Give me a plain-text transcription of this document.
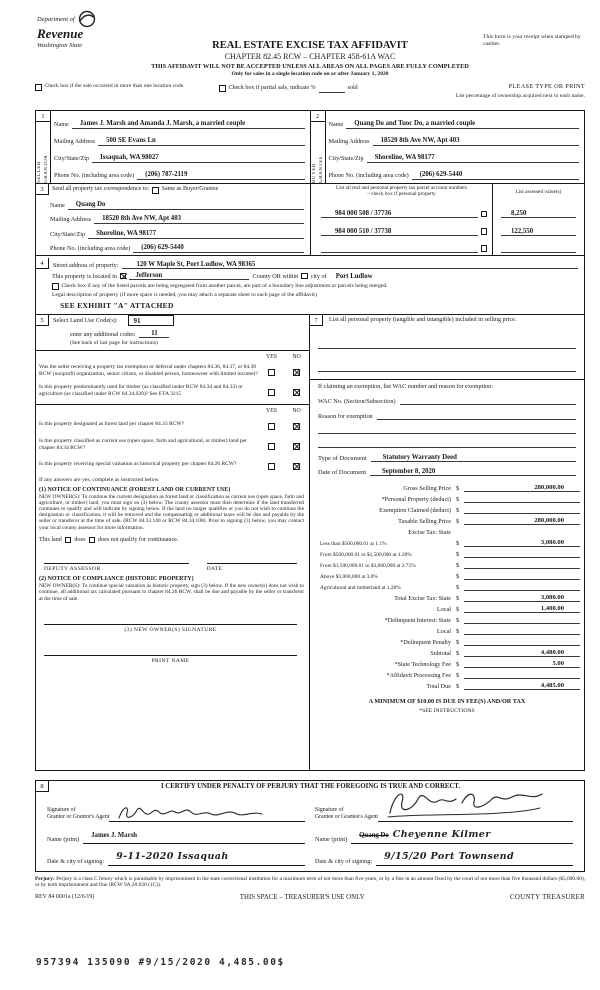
Department of
Revenue
Washington State	REAL ESTATE EXCISE TAX AFFIDAVIT
CHAPTER 82.45 RCW – CHAPTER 458-61A WAC
THIS AFFIDAVIT WILL NOT BE ACCEPTED UNLESS ALL AREAS ON ALL PAGES ARE FULLY COMPLETED
Only for sales in a single location code on or after January 1, 2020
This form is your receipt when stamped by cashier.
Check box if the sale occurred in more than one location code.	Check box if partial sale, indicate %	sold	PLEASE TYPE OR PRINT
List percentage of ownership acquired next to each name.
1
SELLER GRANTOR
Name	James J. Marsh and Amanda J. Marsh, a married couple
Mailing Address	500 SE Evans Ln
City/State/Zip	Issaquah, WA 98027
Phone No. (including area code)	(206) 787-2119
2
BUYER GRANTEE
Name	Quang Do and Tuoc Do, a married couple
Mailing Address	18520 8th Ave NW, Apt 403
City/State/Zip	Shoreline, WA 98177
Phone No. (including area code)	(206) 629-5440
3	Send all property tax correspondence to: Same as Buyer/Grantee
Name	Quang Do
Mailing Address	18520 8th Ave NW, Apt 403
City/State/Zip	Shoreline, WA 98177
Phone No. (including area code)	(206) 629-5440
List all real and personal property tax parcel account numbers
– check box if personal property	List assessed value(s)
984 000 508 / 37736	8,250
984 000 510 / 37738	122,550
4	Street address of property:	120 W Maple St, Port Ludlow, WA 98365
This property is located in	Jefferson	County OR within city of	Port Ludlow
Check box if any of the listed parcels are being segregated from another parcel, are part of a boundary line adjustment or parcels being merged.
Legal description of property (if more space is needed, you may attach a separate sheet to each page of the affidavit)
SEE EXHIBIT "A" ATTACHED
5	Select Land Use Code(s):	91
enter any additional codes:	11
(See back of last page for instructions)
YES	NO
Was the seller receiving a property tax exemption or deferral under chapters 84.36, 84.37, or 84.38 RCW (nonprofit organization, senior citizen, or disabled person, homeowner with limited income)?
Is this property predominantly used for timber (as classified under RCW 84.34 and 84.33) or agriculture (as classified under RCW 84.34.020)? See ETA 3215
YES	NO
Is this property designated as forest land per chapter 84.33 RCW?
Is this property classified as current use (open space, farm and agricultural, or timber) land per chapter 84.34 RCW?
Is this property receiving special valuation as historical property per chapter 84.26 RCW?
If any answers are yes, complete as instructed below.
(1) NOTICE OF CONTINUANCE (FOREST LAND OR CURRENT USE)
NEW OWNER(S): To continue the current designation as forest land or classification as current use (open space, farm and agriculture, or timber) land, you must sign on (3) below. The county assessor must then determine if the land transferred continues to qualify and will indicate by signing below. If the land no longer qualifies or you do not wish to continue the designation or classification, it will be removed and the compensating or additional taxes will be due and payable by the seller or transferor at the time of sale. (RCW 84.33.140 or RCW 84.34.108). Prior to signing (3) below, you may contact your local county assessor for more information.
This land does does not qualify for continuance.
DEPUTY ASSESSOR	DATE
(2) NOTICE OF COMPLIANCE (HISTORIC PROPERTY)
NEW OWNER(S): To continue special valuation as historic property, sign (3) below. If the new owner(s) does not wish to continue, all additional tax calculated pursuant to chapter 84.26 RCW, shall be due and payable by the seller or transferor at the time of sale.
(3) NEW OWNER(S) SIGNATURE
PRINT NAME
7	List all personal property (tangible and intangible) included in selling price.
If claiming an exemption, list WAC number and reason for exemption:
WAC No. (Section/Subsection)
Reason for exemption
Type of Document	Statutory Warranty Deed
Date of Document	September 8, 2020
Gross Selling Price $	280,000.00
*Personal Property (deduct) $
Exemption Claimed (deduct) $
Taxable Selling Price $	280,000.00
Excise Tax: State
Less than $500,000.01 at 1.1%	$	3,080.00
From $500,000.01 to $1,500,000 at 1.28%	$
From $1,500,000.01 to $3,000,000 at 2.75%	$
Above $3,000,000 at 3.0%	$
Agricultural and timberland at 1.28%	$
Total Excise Tax: State $	3,080.00
Local $	1,400.00
*Delinquent Interest: State $
Local $
*Delinquent Penalty $
Subtotal $	4,480.00
*State Technology Fee $	5.00
*Affidavit Processing Fee $
Total Due $	4,485.00
A MINIMUM OF $10.00 IS DUE IN FEE(S) AND/OR TAX
*SEE INSTRUCTIONS
8	I CERTIFY UNDER PENALTY OF PERJURY THAT THE FOREGOING IS TRUE AND CORRECT.
Signature of
Grantor or Grantor's Agent
Name (print)
James J. Marsh
Date & city of signing:	9-11-2020 Issaquah
Signature of
Grantee or Grantee's Agent
Name (print)
Quang Do Cheyenne Kilmer
Date & city of signing:	9/15/20 Port Townsend
Perjury: Perjury is a class C felony which is punishable by imprisonment in the state correctional institution for a maximum term of not more than five years, or by a fine in an amount fixed by the court of not more than five thousand dollars ($5,000.00), or by both imprisonment and fine (RCW 9A.20.020 (1C)).
REV 84 0001a (12/6/19)	THIS SPACE – TREASURER'S USE ONLY	COUNTY TREASURER
957394 135090 #9/15/2020 4,485.00$
